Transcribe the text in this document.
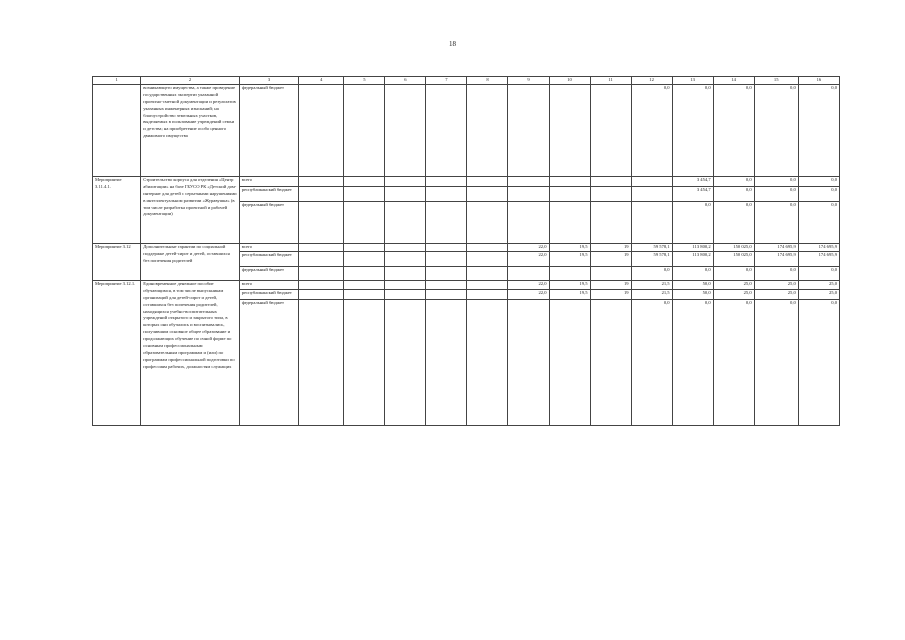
18
1	2	3	4	5	6	7	8	9	10	11	12	13	14	15	16
	возникающего имущества, а также проведение государственных экспертиз указанной проектно-сметной документации и результатов указанных инженерных изысканий; на благоустройство земельных участков, выделяемых в пользование учреждений семьи и детства; на приобретение особо ценного движимого имущества	федеральный бюджет									0,0	0,0	0,0	0,0	0,0
Мероприятие 3.11.4.1.	Строительство корпуса для отделения «Центр абилитации» на базе ГБУСО РК «Детский дом-интернат для детей с серьезными нарушениями в интеллектуальном развитии «Журавушка» (в том числе разработка проектной и рабочей документации)	всего										3 454,7	0,0	0,0	0,0
		республиканский бюджет										3 454,7	0,0	0,0	0,0
		федеральный бюджет										0,0	0,0	0,0	0,0
Мероприятие 3.12	Дополнительные гарантии по социальной поддержке детей-сирот и детей, оставшихся без попечения родителей	всего						22,0	19,5	19	59 578,1	113 800,2	150 025,0	174 695,9	174 695,9
		республиканский бюджет						22,0	19,5	19	59 578,1	113 800,2	150 025,0	174 695,9	174 695,9
		федеральный бюджет									0,0	0,0	0,0	0,0	0,0
Мероприятие 3.12.1.	Единовременное денежное пособие обучающимся, в том числе выпускникам организаций для детей-сирот и детей, оставшихся без попечения родителей, находящихся учебно-воспитательных учреждений открытого и закрытого типа, в которых они обучались и воспитывались, получившим основное общее образование и продолжающих обучение по очной форме по основным профессиональным образовательным программам и (или) по программам профессиональной подготовки по профессиям рабочих, должностям служащих	всего						22,0	19,5	19	21,5	50,0	25,0	25,0	25,0
		республиканский бюджет						22,0	19,5	19	21,5	50,0	25,0	25,0	25,0
		федеральный бюджет									0,0	0,0	0,0	0,0	0,0
